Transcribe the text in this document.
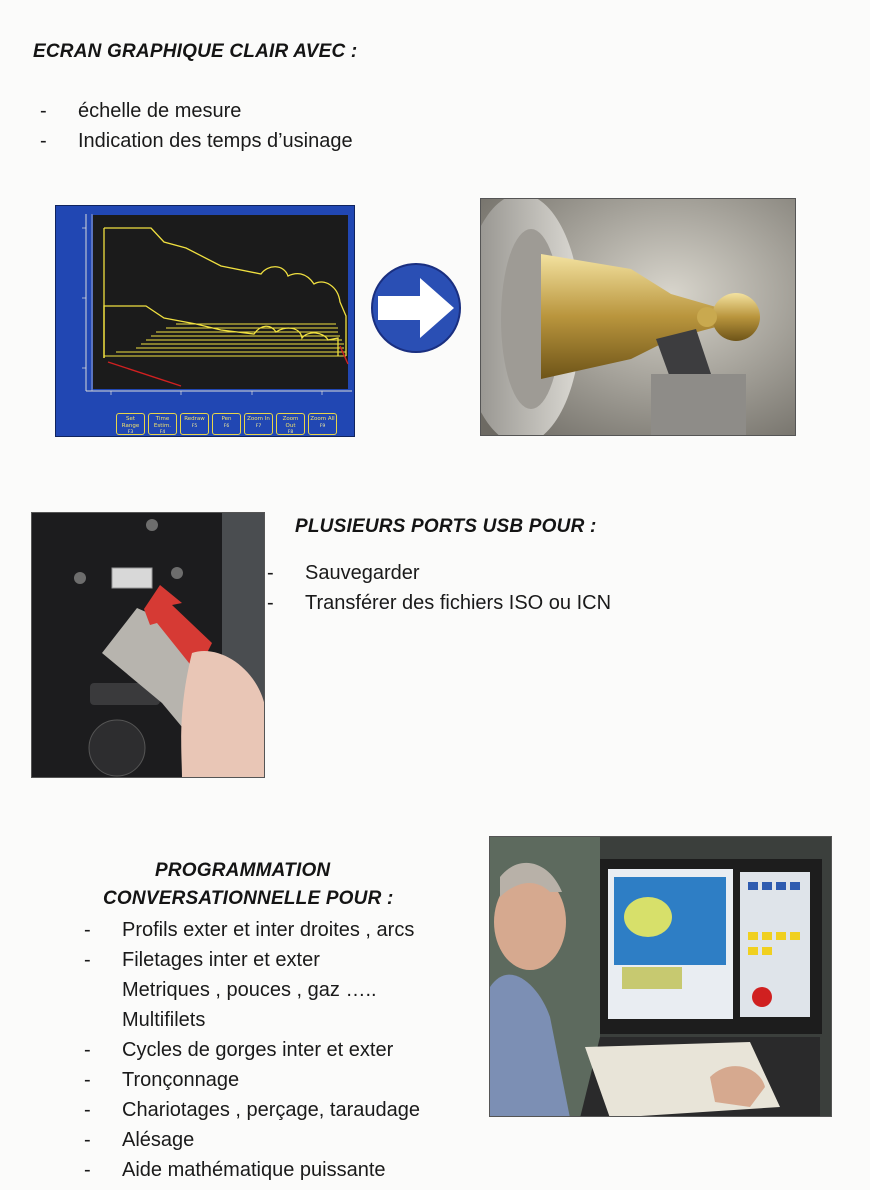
ECRAN GRAPHIQUE CLAIR AVEC :
- échelle de mesure
- Indication des temps d’usinage
Set Range
F3
Time Estim.
F4
Redraw
F5
Pen
F6
Zoom In
F7
Zoom Out
F8
Zoom All
F9
PLUSIEURS PORTS USB POUR :
- Sauvegarder
- Transférer des fichiers ISO ou ICN
PROGRAMMATION
CONVERSATIONNELLE POUR :
- Profils exter et inter droites , arcs
- Filetages inter et exter
Metriques , pouces , gaz …..
Multifilets
- Cycles de gorges inter et exter
- Tronçonnage
- Chariotages , perçage, taraudage
- Alésage
- Aide mathématique puissante
